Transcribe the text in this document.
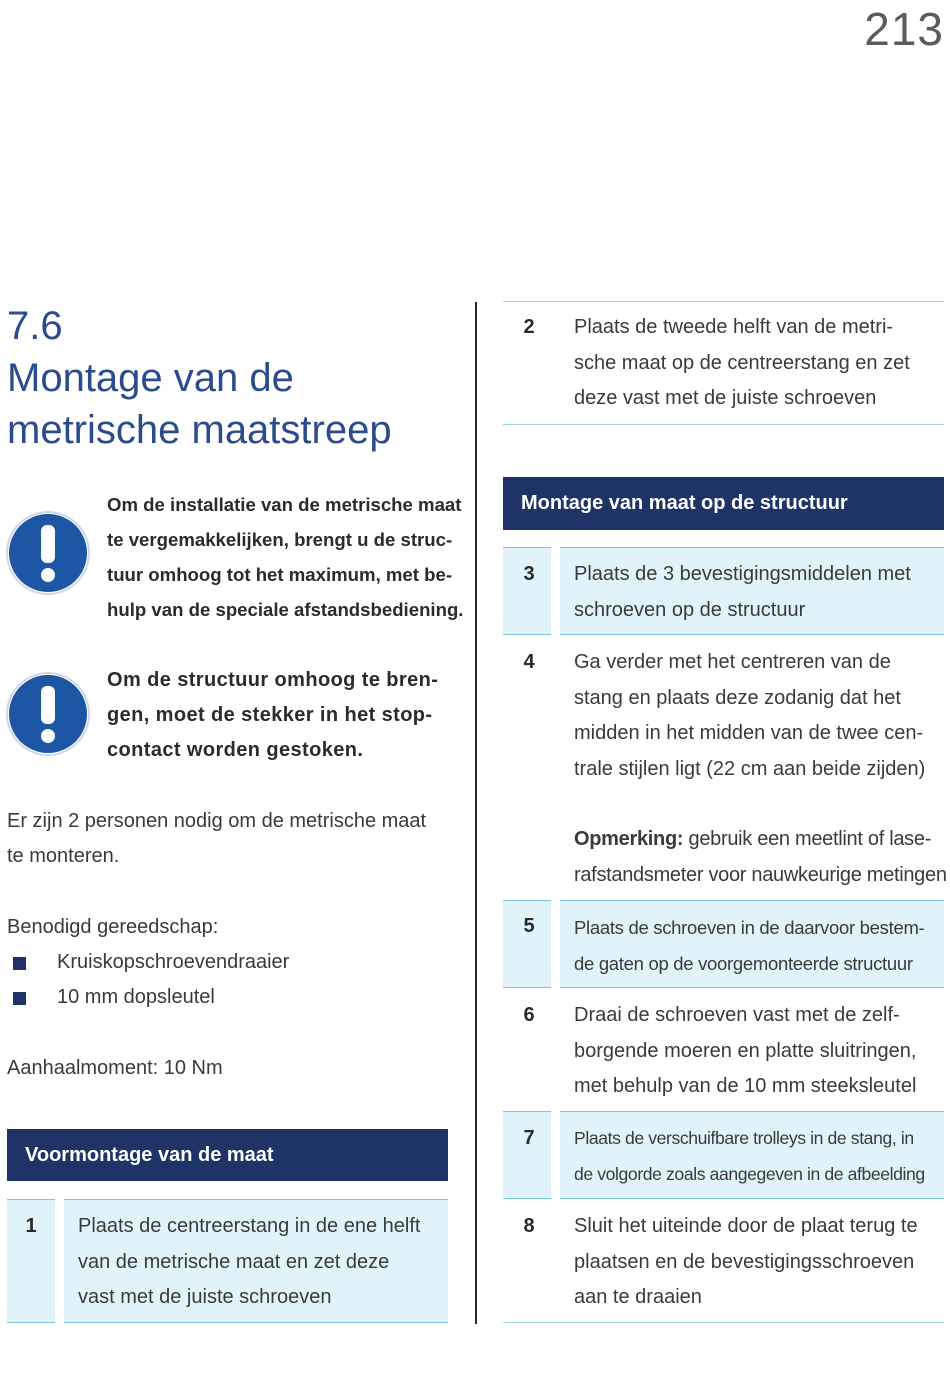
213
7.6
Montage van de
metrische maatstreep
Om de installatie van de metrische maat
te vergemakkelijken, brengt u de struc-
tuur omhoog tot het maximum, met be-
hulp van de speciale afstandsbediening.
Om de structuur omhoog te bren-
gen, moet de stekker in het stop-
contact worden gestoken.
Er zijn 2 personen nodig om de metrische maat
te monteren.
Benodigd gereedschap:
Kruiskopschroevendraaier
10 mm dopsleutel
Aanhaalmoment: 10 Nm
Voormontage van de maat
1	Plaats de centreerstang in de ene helft
van de metrische maat en zet deze
vast met de juiste schroeven
2	Plaats de tweede helft van de metri-
sche maat op de centreerstang en zet
deze vast met de juiste schroeven
Montage van maat op de structuur
3	Plaats de 3 bevestigingsmiddelen met
schroeven op de structuur
4	Ga verder met het centreren van de
stang en plaats deze zodanig dat het
midden in het midden van de twee cen-
trale stijlen ligt (22 cm aan beide zijden)
Opmerking: gebruik een meetlint of lase-
rafstandsmeter voor nauwkeurige metingen
5	Plaats de schroeven in de daarvoor bestem-
de gaten op de voorgemonteerde structuur
6	Draai de schroeven vast met de zelf-
borgende moeren en platte sluitringen,
met behulp van de 10 mm steeksleutel
7	Plaats de verschuifbare trolleys in de stang, in
de volgorde zoals aangegeven in de afbeelding
8	Sluit het uiteinde door de plaat terug te
plaatsen en de bevestigingsschroeven
aan te draaien
